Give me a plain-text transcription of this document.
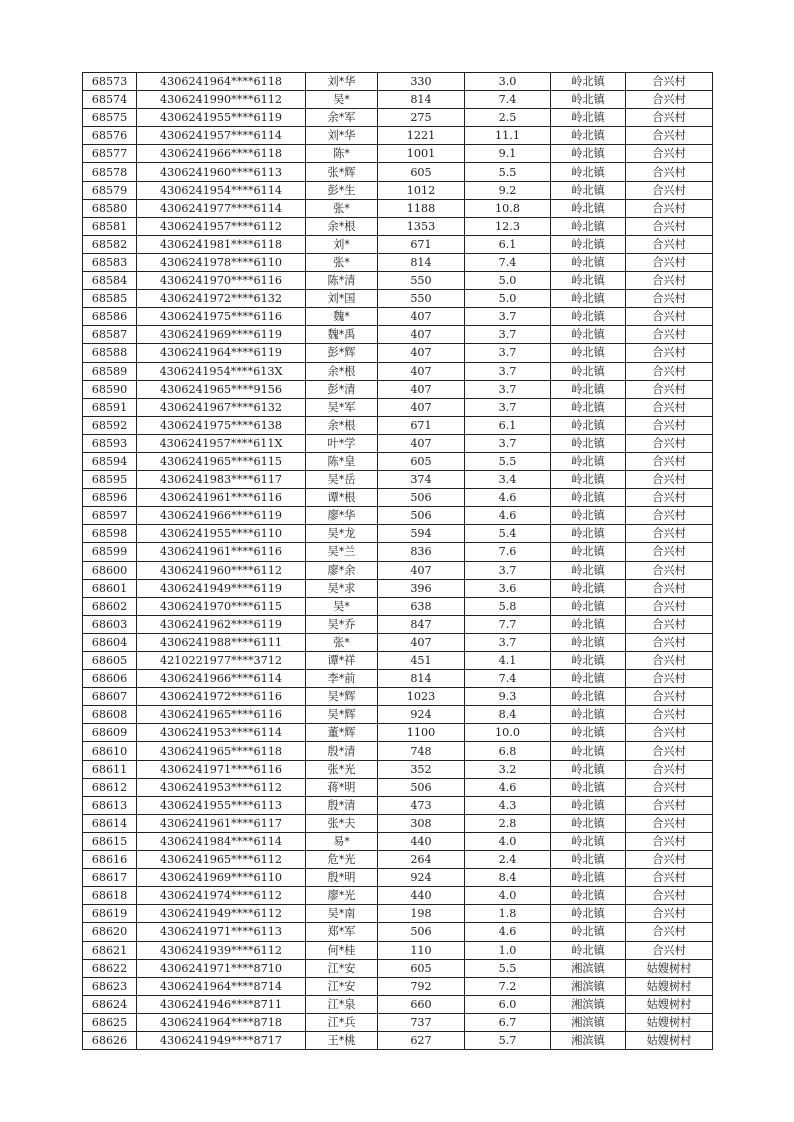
68573	4306241964****6118	刘*华	330	3.0	岭北镇	合兴村
68574	4306241990****6112	吴*	814	7.4	岭北镇	合兴村
68575	4306241955****6119	余*军	275	2.5	岭北镇	合兴村
68576	4306241957****6114	刘*华	1221	11.1	岭北镇	合兴村
68577	4306241966****6118	陈*	1001	9.1	岭北镇	合兴村
68578	4306241960****6113	张*辉	605	5.5	岭北镇	合兴村
68579	4306241954****6114	彭*生	1012	9.2	岭北镇	合兴村
68580	4306241977****6114	张*	1188	10.8	岭北镇	合兴村
68581	4306241957****6112	余*根	1353	12.3	岭北镇	合兴村
68582	4306241981****6118	刘*	671	6.1	岭北镇	合兴村
68583	4306241978****6110	张*	814	7.4	岭北镇	合兴村
68584	4306241970****6116	陈*清	550	5.0	岭北镇	合兴村
68585	4306241972****6132	刘*国	550	5.0	岭北镇	合兴村
68586	4306241975****6116	魏*	407	3.7	岭北镇	合兴村
68587	4306241969****6119	魏*禹	407	3.7	岭北镇	合兴村
68588	4306241964****6119	彭*辉	407	3.7	岭北镇	合兴村
68589	4306241954****613X	余*根	407	3.7	岭北镇	合兴村
68590	4306241965****9156	彭*清	407	3.7	岭北镇	合兴村
68591	4306241967****6132	吴*军	407	3.7	岭北镇	合兴村
68592	4306241975****6138	余*根	671	6.1	岭北镇	合兴村
68593	4306241957****611X	叶*学	407	3.7	岭北镇	合兴村
68594	4306241965****6115	陈*皇	605	5.5	岭北镇	合兴村
68595	4306241983****6117	吴*岳	374	3.4	岭北镇	合兴村
68596	4306241961****6116	谭*根	506	4.6	岭北镇	合兴村
68597	4306241966****6119	廖*华	506	4.6	岭北镇	合兴村
68598	4306241955****6110	吴*龙	594	5.4	岭北镇	合兴村
68599	4306241961****6116	吴*兰	836	7.6	岭北镇	合兴村
68600	4306241960****6112	廖*余	407	3.7	岭北镇	合兴村
68601	4306241949****6119	吴*求	396	3.6	岭北镇	合兴村
68602	4306241970****6115	吴*	638	5.8	岭北镇	合兴村
68603	4306241962****6119	吴*乔	847	7.7	岭北镇	合兴村
68604	4306241988****6111	张*	407	3.7	岭北镇	合兴村
68605	4210221977****3712	谭*祥	451	4.1	岭北镇	合兴村
68606	4306241966****6114	李*前	814	7.4	岭北镇	合兴村
68607	4306241972****6116	吴*辉	1023	9.3	岭北镇	合兴村
68608	4306241965****6116	吴*辉	924	8.4	岭北镇	合兴村
68609	4306241953****6114	董*辉	1100	10.0	岭北镇	合兴村
68610	4306241965****6118	殷*清	748	6.8	岭北镇	合兴村
68611	4306241971****6116	张*光	352	3.2	岭北镇	合兴村
68612	4306241953****6112	蒋*明	506	4.6	岭北镇	合兴村
68613	4306241955****6113	殷*清	473	4.3	岭北镇	合兴村
68614	4306241961****6117	张*夫	308	2.8	岭北镇	合兴村
68615	4306241984****6114	易*	440	4.0	岭北镇	合兴村
68616	4306241965****6112	危*光	264	2.4	岭北镇	合兴村
68617	4306241969****6110	殷*明	924	8.4	岭北镇	合兴村
68618	4306241974****6112	廖*光	440	4.0	岭北镇	合兴村
68619	4306241949****6112	吴*南	198	1.8	岭北镇	合兴村
68620	4306241971****6113	郑*军	506	4.6	岭北镇	合兴村
68621	4306241939****6112	何*桂	110	1.0	岭北镇	合兴村
68622	4306241971****8710	江*安	605	5.5	湘滨镇	姑嫂树村
68623	4306241964****8714	江*安	792	7.2	湘滨镇	姑嫂树村
68624	4306241946****8711	江*泉	660	6.0	湘滨镇	姑嫂树村
68625	4306241964****8718	江*兵	737	6.7	湘滨镇	姑嫂树村
68626	4306241949****8717	王*桃	627	5.7	湘滨镇	姑嫂树村
